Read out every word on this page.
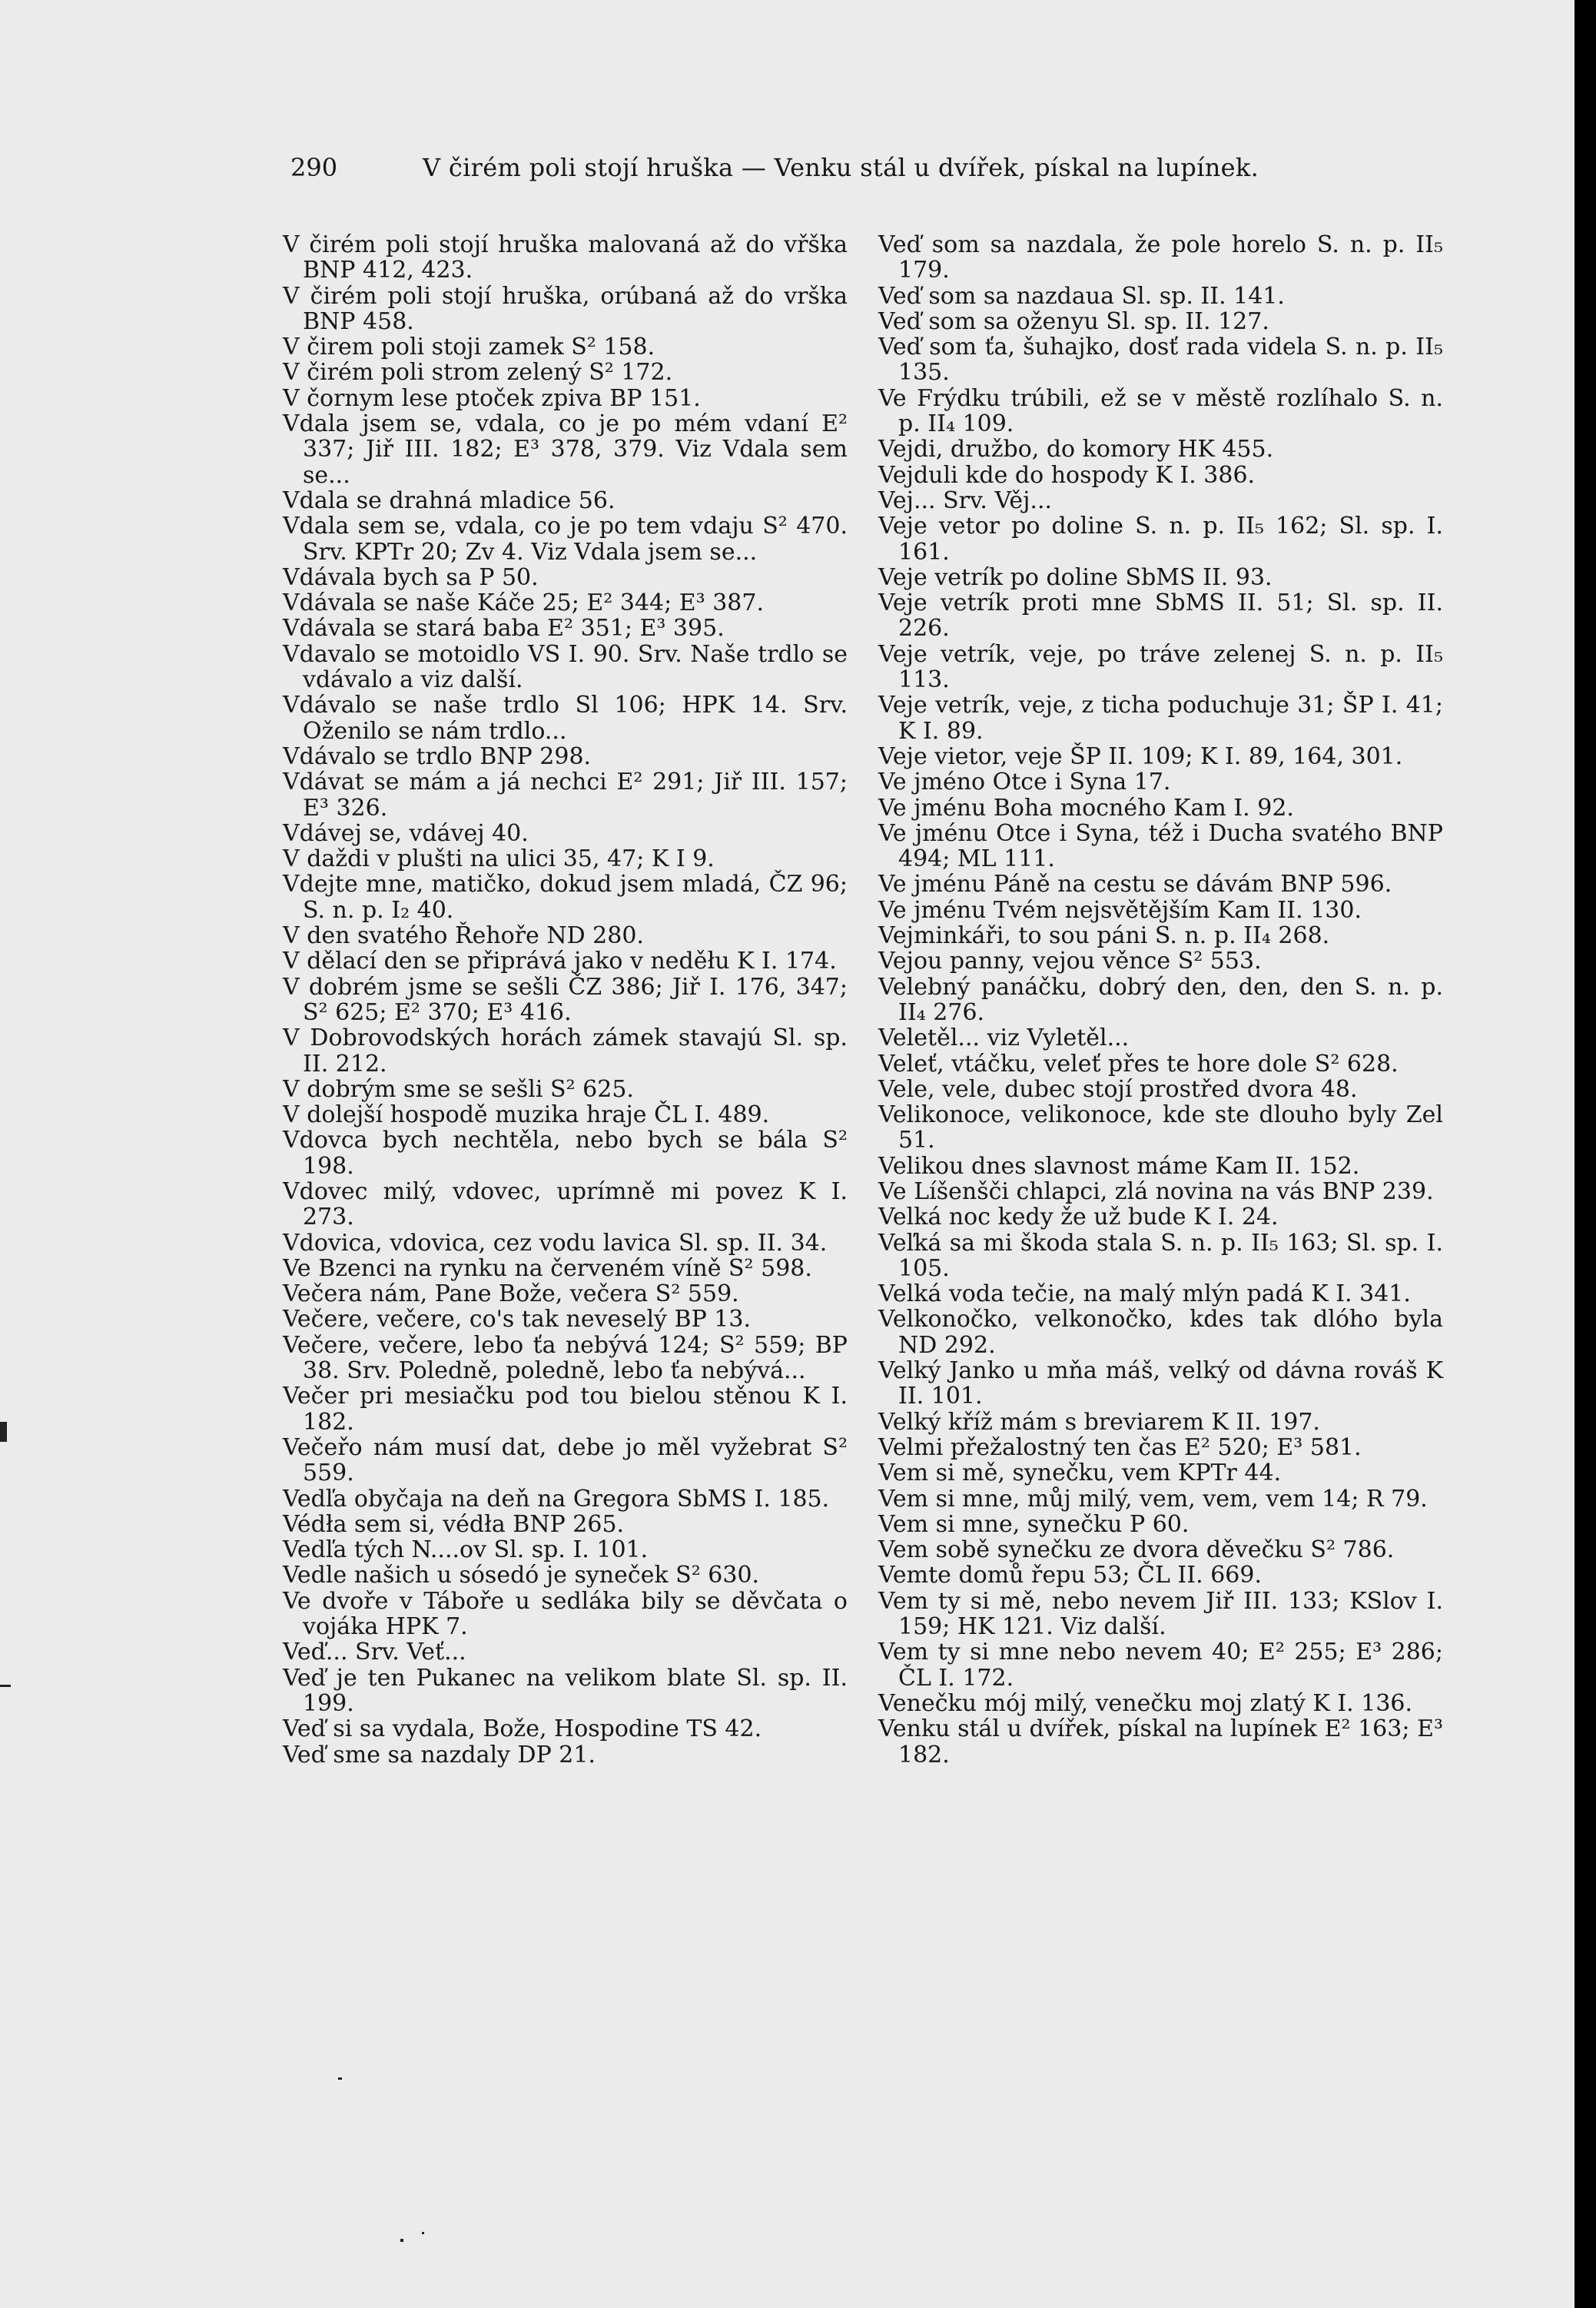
290	V čirém poli stojí hruška — Venku stál u dvířek, pískal na lupínek.
V čirém poli stojí hruška malovaná až do vřška BNP 412, 423.
V čirém poli stojí hruška, orúbaná až do vrška BNP 458.
V čirem poli stoji zamek S² 158.
V čirém poli strom zelený S² 172.
V čornym lese ptoček zpiva BP 151.
Vdala jsem se, vdala, co je po mém vdaní E² 337; Jiř III. 182; E³ 378, 379. Viz Vdala sem se...
Vdala se drahná mladice 56.
Vdala sem se, vdala, co je po tem vdaju S² 470. Srv. KPTr 20; Zv 4. Viz Vdala jsem se...
Vdávala bych sa P 50.
Vdávala se naše Káče 25; E² 344; E³ 387.
Vdávala se stará baba E² 351; E³ 395.
Vdavalo se motoidlo VS I. 90. Srv. Naše trdlo se vdávalo a viz další.
Vdávalo se naše trdlo Sl 106; HPK 14. Srv. Oženilo se nám trdlo...
Vdávalo se trdlo BNP 298.
Vdávat se mám a já nechci E² 291; Jiř III. 157; E³ 326.
Vdávej se, vdávej 40.
V daždi v plušti na ulici 35, 47; K I 9.
Vdejte mne, matičko, dokud jsem mladá, ČZ 96; S. n. p. I₂ 40.
V den svatého Řehoře ND 280.
V dělací den se připrává jako v neděłu K I. 174.
V dobrém jsme se sešli ČZ 386; Jiř I. 176, 347; S² 625; E² 370; E³ 416.
V Dobrovodských horách zámek stavajú Sl. sp. II. 212.
V dobrým sme se sešli S² 625.
V dolejší hospodě muzika hraje ČL I. 489.
Vdovca bych nechtěla, nebo bych se bála S² 198.
Vdovec milý, vdovec, uprímně mi povez K I. 273.
Vdovica, vdovica, cez vodu lavica Sl. sp. II. 34.
Ve Bzenci na rynku na červeném víně S² 598.
Večera nám, Pane Bože, večera S² 559.
Večere, večere, co's tak neveselý BP 13.
Večere, večere, lebo ťa nebývá 124; S² 559; BP 38. Srv. Poledně, poledně, lebo ťa nebývá...
Večer pri mesiačku pod tou bielou stěnou K I. 182.
Večeřo nám musí dat, debe jo měl vyžebrat S² 559.
Vedľa obyčaja na deň na Gregora SbMS I. 185.
Védła sem si, védła BNP 265.
Vedľa tých N....ov Sl. sp. I. 101.
Vedle našich u sósedó je syneček S² 630.
Ve dvoře v Táboře u sedláka bily se děvčata o vojáka HPK 7.
Veď... Srv. Veť...
Veď je ten Pukanec na velikom blate Sl. sp. II. 199.
Veď si sa vydala, Bože, Hospodine TS 42.
Veď sme sa nazdaly DP 21.
Veď som sa nazdala, že pole horelo S. n. p. II₅ 179.
Veď som sa nazdaua Sl. sp. II. 141.
Veď som sa oženyu Sl. sp. II. 127.
Veď som ťa, šuhajko, dosť rada videla S. n. p. II₅ 135.
Ve Frýdku trúbili, ež se v městě rozlíhalo S. n. p. II₄ 109.
Vejdi, družbo, do komory HK 455.
Vejduli kde do hospody K I. 386.
Vej... Srv. Věj...
Veje vetor po doline S. n. p. II₅ 162; Sl. sp. I. 161.
Veje vetrík po doline SbMS II. 93.
Veje vetrík proti mne SbMS II. 51; Sl. sp. II. 226.
Veje vetrík, veje, po tráve zelenej S. n. p. II₅ 113.
Veje vetrík, veje, z ticha poduchuje 31; ŠP I. 41; K I. 89.
Veje vietor, veje ŠP II. 109; K I. 89, 164, 301.
Ve jméno Otce i Syna 17.
Ve jménu Boha mocného Kam I. 92.
Ve jménu Otce i Syna, též i Ducha svatého BNP 494; ML 111.
Ve jménu Páně na cestu se dávám BNP 596.
Ve jménu Tvém nejsvětějším Kam II. 130.
Vejminkáři, to sou páni S. n. p. II₄ 268.
Vejou panny, vejou věnce S² 553.
Velebný panáčku, dobrý den, den, den S. n. p. II₄ 276.
Veletěl... viz Vyletěl...
Veleť, vtáčku, veleť přes te hore dole S² 628.
Vele, vele, dubec stojí prostřed dvora 48.
Velikonoce, velikonoce, kde ste dlouho byly Zel 51.
Velikou dnes slavnost máme Kam II. 152.
Ve Líšenšči chlapci, zlá novina na vás BNP 239.
Velká noc kedy že už bude K I. 24.
Veľká sa mi škoda stala S. n. p. II₅ 163; Sl. sp. I. 105.
Velká voda tečie, na malý mlýn padá K I. 341.
Velkonočko, velkonočko, kdes tak dlóho byla ND 292.
Velký Janko u mňa máš, velký od dávna rováš K II. 101.
Velký kříž mám s breviarem K II. 197.
Velmi přežalostný ten čas E² 520; E³ 581.
Vem si mě, synečku, vem KPTr 44.
Vem si mne, můj milý, vem, vem, vem 14; R 79.
Vem si mne, synečku P 60.
Vem sobě synečku ze dvora děvečku S² 786.
Vemte domů řepu 53; ČL II. 669.
Vem ty si mě, nebo nevem Jiř III. 133; KSlov I. 159; HK 121. Viz další.
Vem ty si mne nebo nevem 40; E² 255; E³ 286; ČL I. 172.
Venečku mój milý, venečku moj zlatý K I. 136.
Venku stál u dvířek, pískal na lupínek E² 163; E³ 182.
